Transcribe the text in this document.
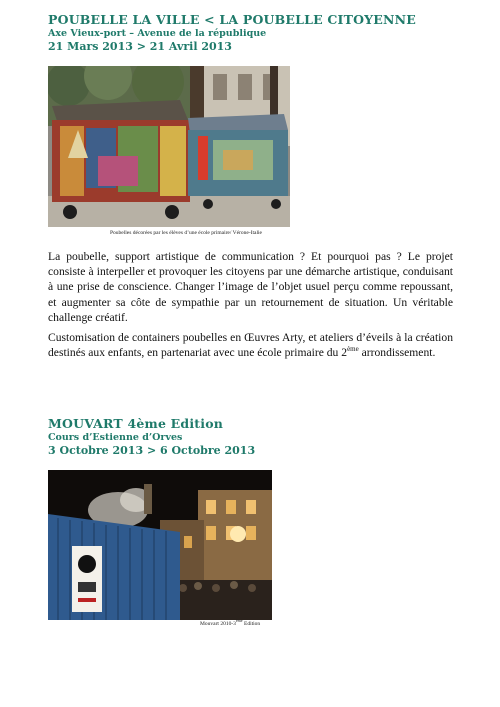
POUBELLE LA VILLE < LA POUBELLE CITOYENNE

Axe Vieux-port – Avenue de la république

21 Mars 2013 > 21 Avril 2013

Poubelles décorées par les élèves d’une école primaire/ Vérone-Italie

La poubelle, support artistique de communication ? Et pourquoi pas ? Le projet consiste à interpeller et provoquer les citoyens par une démarche artistique, conduisant à une prise de conscience. Changer l’image de l’objet usuel perçu comme repoussant, et augmenter sa côte de sympathie par un retournement de situation. Un véritable challenge créatif.

Customisation de containers poubelles en Œuvres Arty, et ateliers d’éveils à la création destinés aux enfants, en partenariat avec une école primaire du 2ème arrondissement.

MOUVART 4ème Edition

Cours d’Estienne d’Orves

3 Octobre 2013 > 6 Octobre 2013

Mouvart 2010-3ème Edition
